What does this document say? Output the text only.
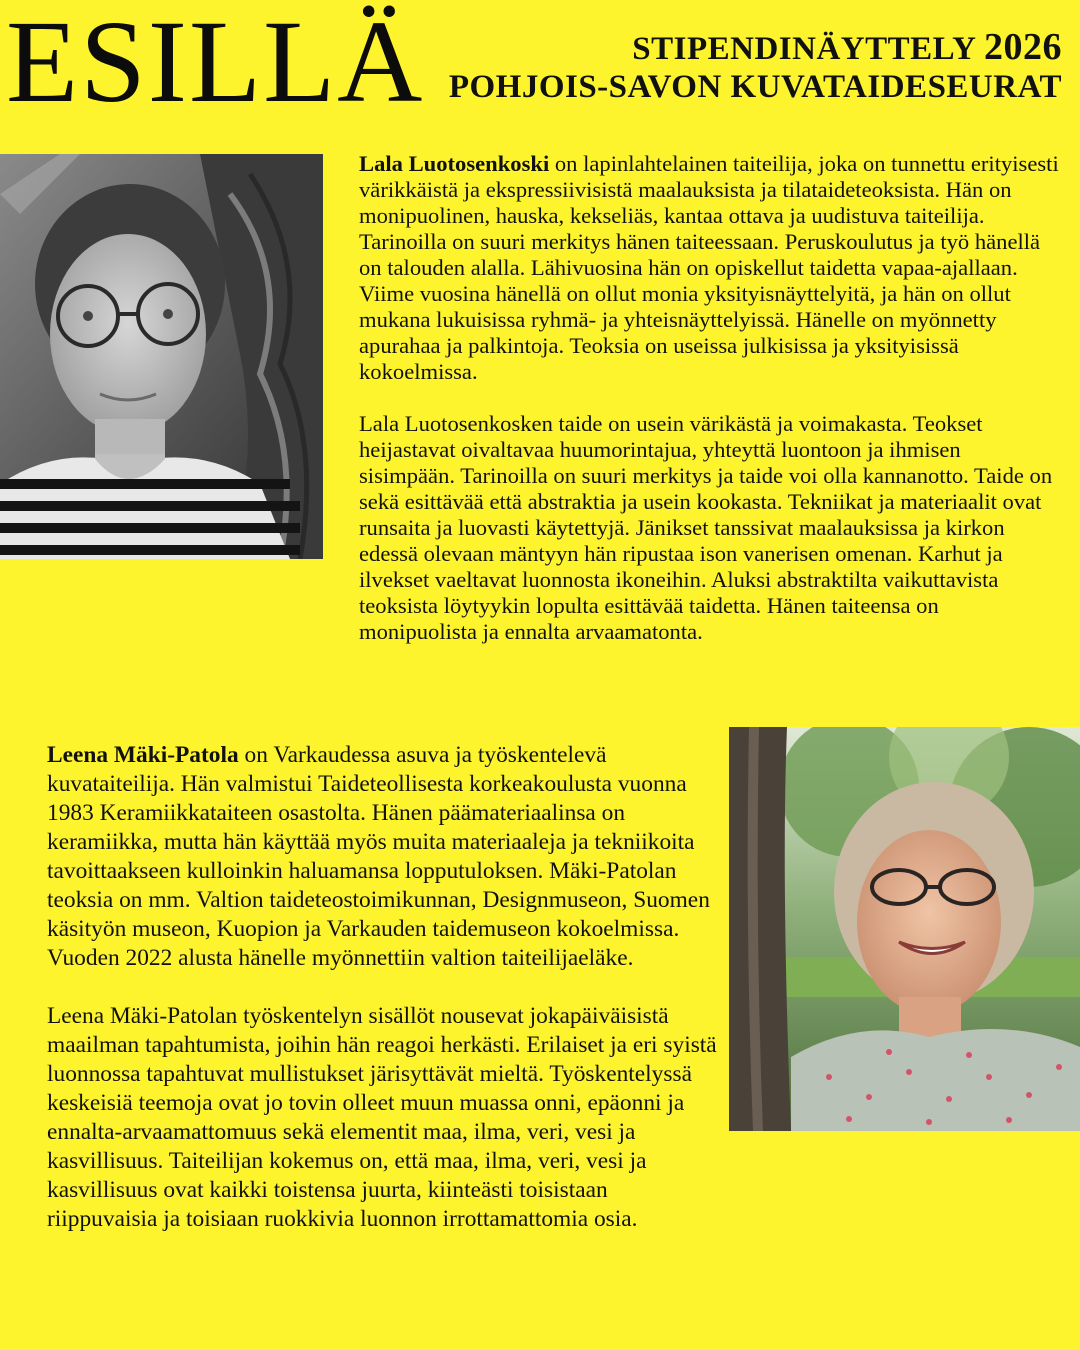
ESILLÄ	STIPENDINÄYTTELY 2026
POHJOIS-SAVON KUVATAIDESEURAT

Lala Luotosenkoski on lapinlahtelainen taiteilija, joka on tunnettu erityisesti värikkäistä ja ekspressiivisistä maalauksista ja tilataideteoksista. Hän on monipuolinen, hauska, kekseliäs, kantaa ottava ja uudistuva taiteilija. Tarinoilla on suuri merkitys hänen taiteessaan. Peruskoulutus ja työ hänellä on talouden alalla. Lähivuosina hän on opiskellut taidetta vapaa-ajallaan. Viime vuosina hänellä on ollut monia yksityisnäyttelyitä, ja hän on ollut mukana lukuisissa ryhmä- ja yhteisnäyttelyissä. Hänelle on myönnetty apurahaa ja palkintoja. Teoksia on useissa julkisissa ja yksityisissä kokoelmissa.

Lala Luotosenkosken taide on usein värikästä ja voimakasta. Teokset heijastavat oivaltavaa huumorintajua, yhteyttä luontoon ja ihmisen sisimpään. Tarinoilla on suuri merkitys ja taide voi olla kannanotto. Taide on sekä esittävää että abstraktia ja usein kookasta. Tekniikat ja materiaalit ovat runsaita ja luovasti käytettyjä. Jänikset tanssivat maalauksissa ja kirkon edessä olevaan mäntyyn hän ripustaa ison vanerisen omenan. Karhut ja ilvekset vaeltavat luonnosta ikoneihin. Aluksi abstraktilta vaikuttavista teoksista löytyykin lopulta esittävää taidetta. Hänen taiteensa on monipuolista ja ennalta arvaamatonta.

Leena Mäki-Patola on Varkaudessa asuva ja työskentelevä kuvataiteilija. Hän valmistui Taideteollisesta korkeakoulusta vuonna 1983 Keramiikkataiteen osastolta. Hänen päämateriaalinsa on keramiikka, mutta hän käyttää myös muita materiaaleja ja tekniikoita tavoittaakseen kulloinkin haluamansa lopputuloksen. Mäki-Patolan teoksia on mm. Valtion taideteostoimikunnan, Designmuseon, Suomen käsityön museon, Kuopion ja Varkauden taidemuseon kokoelmissa. Vuoden 2022 alusta hänelle myönnettiin valtion taiteilijaeläke.

Leena Mäki-Patolan työskentelyn sisällöt nousevat jokapäiväisistä maailman tapahtumista, joihin hän reagoi herkästi. Erilaiset ja eri syistä luonnossa tapahtuvat mullistukset järisyttävät mieltä. Työskentelyssä keskeisiä teemoja ovat jo tovin olleet muun muassa onni, epäonni ja ennalta-arvaamattomuus sekä elementit maa, ilma, veri, vesi ja kasvillisuus. Taiteilijan kokemus on, että maa, ilma, veri, vesi ja kasvillisuus ovat kaikki toistensa juurta, kiinteästi toisistaan riippuvaisia ja toisiaan ruokkivia luonnon irrottamattomia osia.
